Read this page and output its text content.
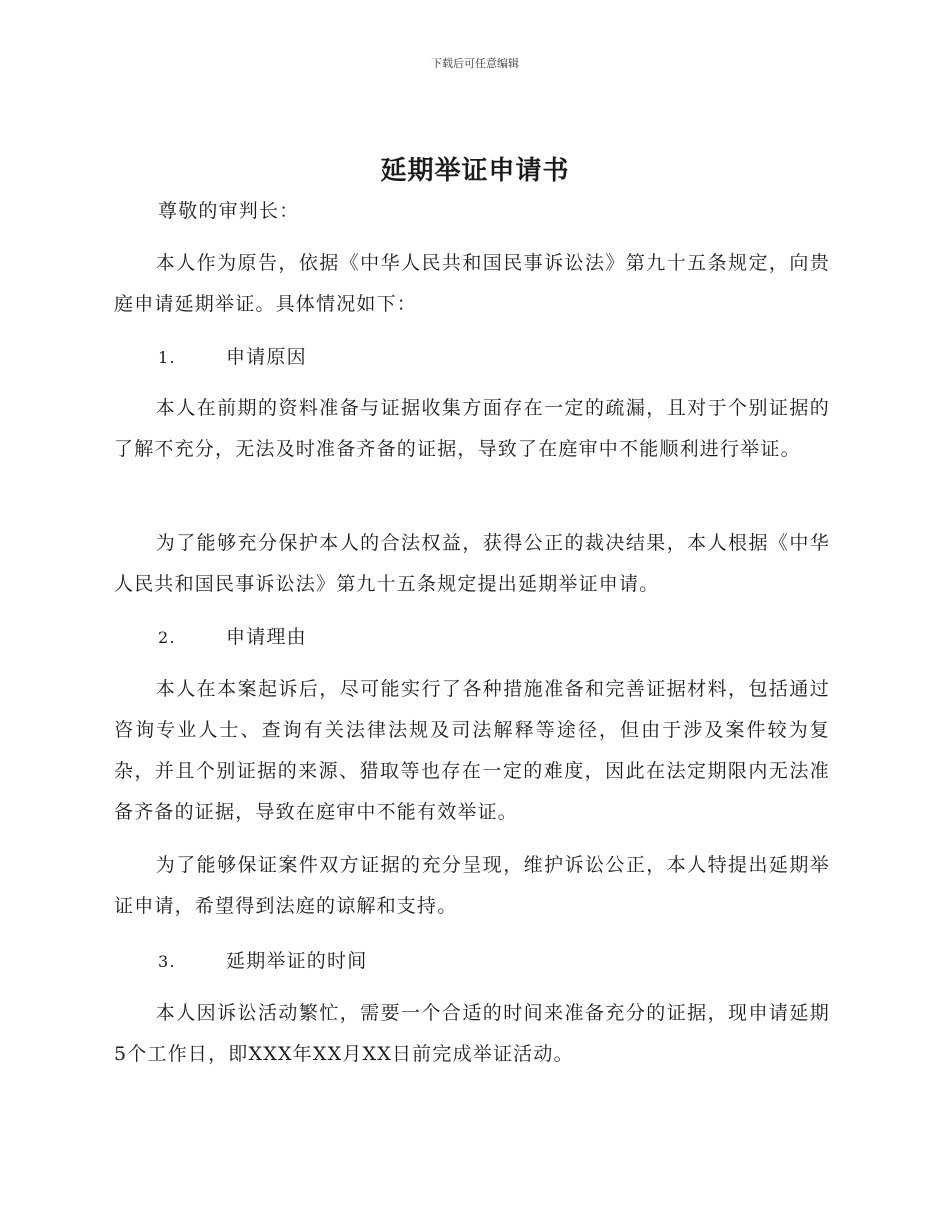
下载后可任意编辑
延期举证申请书
尊敬的审判长：

本人作为原告，依据《中华人民共和国民事诉讼法》第九十五条规定，向贵庭申请延期举证。具体情况如下：

1.	申请原因

本人在前期的资料准备与证据收集方面存在一定的疏漏，且对于个别证据的了解不充分，无法及时准备齐备的证据，导致了在庭审中不能顺利进行举证。

为了能够充分保护本人的合法权益，获得公正的裁决结果，本人根据《中华人民共和国民事诉讼法》第九十五条规定提出延期举证申请。

2.	申请理由

本人在本案起诉后，尽可能实行了各种措施准备和完善证据材料，包括通过咨询专业人士、查询有关法律法规及司法解释等途径，但由于涉及案件较为复杂，并且个别证据的来源、猎取等也存在一定的难度，因此在法定期限内无法准备齐备的证据，导致在庭审中不能有效举证。

为了能够保证案件双方证据的充分呈现，维护诉讼公正，本人特提出延期举证申请，希望得到法庭的谅解和支持。

3.	延期举证的时间

本人因诉讼活动繁忙，需要一个合适的时间来准备充分的证据，现申请延期5个工作日，即XXX年XX月XX日前完成举证活动。
